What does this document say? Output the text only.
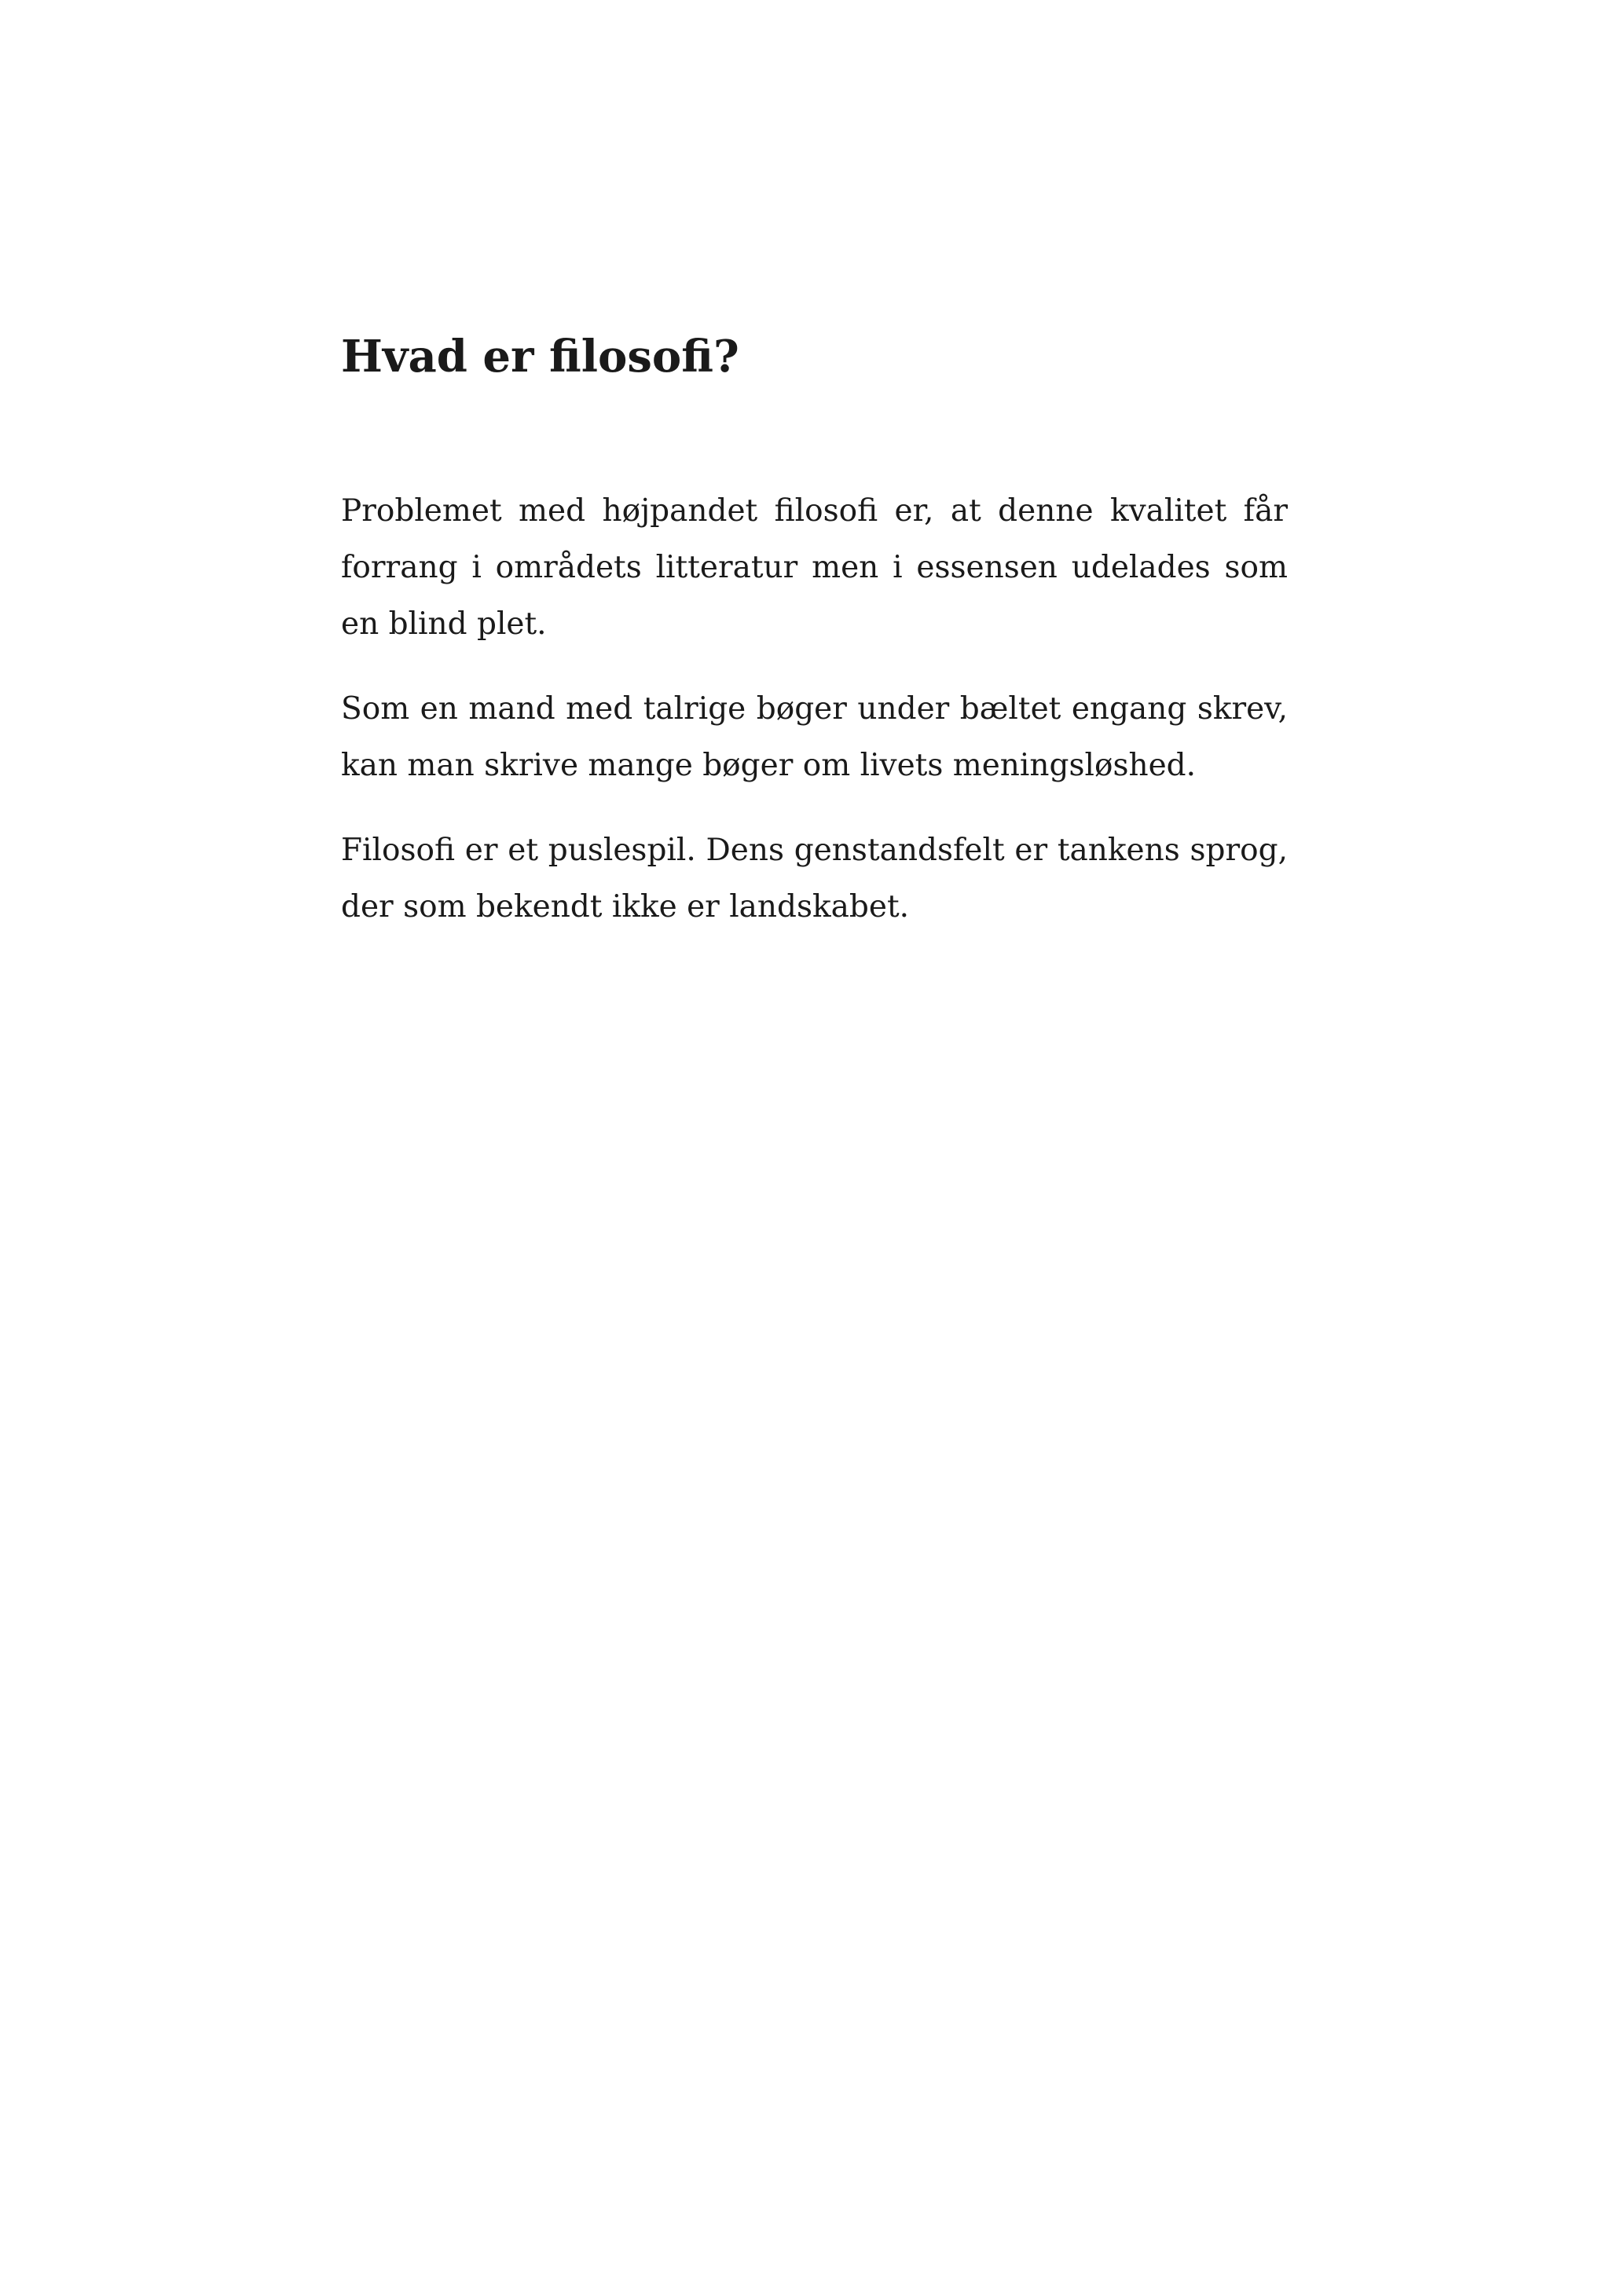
Hvad er filosofi?

Problemet med højpandet filosofi er, at denne kvalitet får forrang i områdets litteratur men i essensen udelades som en blind plet.

Som en mand med talrige bøger under bæltet engang skrev, kan man skrive mange bøger om livets meningsløshed.

Filosofi er et puslespil. Dens genstandsfelt er tankens sprog, der som bekendt ikke er landskabet.
